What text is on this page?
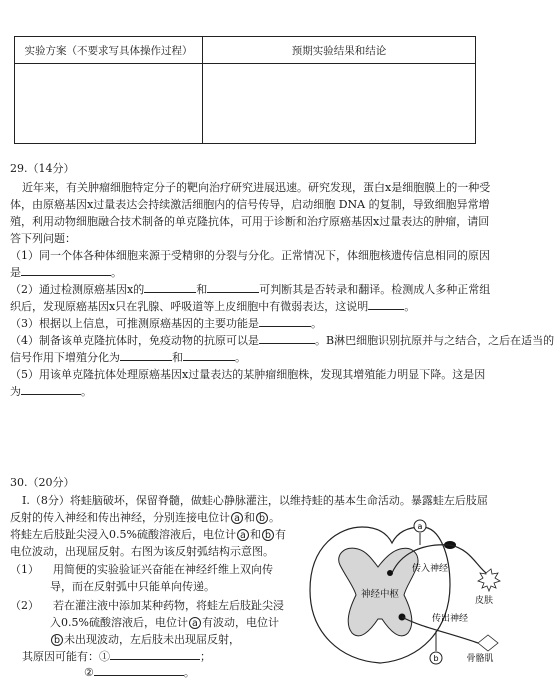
实验方案（不要求写具体操作过程）	预期实验结果和结论
29.（14分）
近年来，有关肿瘤细胞特定分子的靶向治疗研究进展迅速。研究发现，蛋白x是细胞膜上的一种受
体，由原癌基因x过量表达会持续激活细胞内的信号传导，启动细胞 DNA 的复制，导致细胞异常增
殖，利用动物细胞融合技术制备的单克隆抗体，可用于诊断和治疗原癌基因x过量表达的肿瘤，请回
答下列问题：
（1）同一个体各种体细胞来源于受精卵的分裂与分化。正常情况下，体细胞核遗传信息相同的原因
是	。
（2）通过检测原癌基因x的	和	可判断其是否转录和翻译。检测成人多种正常组
织后，发现原癌基因x只在乳腺、呼吸道等上皮细胞中有微弱表达，这说明	。
（3）根据以上信息，可推测原癌基因的主要功能是	。
（4）制备该单克隆抗体时，免疫动物的抗原可以是	。B淋巴细胞识别抗原并与之结合，之后在适当的
信号作用下增殖分化为	和	。
（5）用该单克隆抗体处理原癌基因x过量表达的某肿瘤细胞株，发现其增殖能力明显下降。这是因
为	。
30.（20分）
Ⅰ.（8分）将蛙脑破坏，保留脊髓，做蛙心静脉灌注，以维持蛙的基本生命活动。暴露蛙左后肢屈
反射的传入神经和传出神经，分别连接电位计 a 和 b 。
将蛙左后肢趾尖浸入0.5%硫酸溶液后，电位计 a 和 b 有
电位波动，出现屈反射。右图为该反射弧结构示意图。
（1） 用简便的实验验证兴奋能在神经纤维上双向传
导，而在反射弧中只能单向传递。
（2） 若在灌注液中添加某种药物，将蛙左后肢趾尖浸
入0.5%硫酸溶液后，电位计 a 有波动，电位计
b 未出现波动，左后肢未出现屈反射，
其原因可能有：①	；
②	。
神经中枢
a
b
皮肤
骨骼肌
传入神经
传出神经
